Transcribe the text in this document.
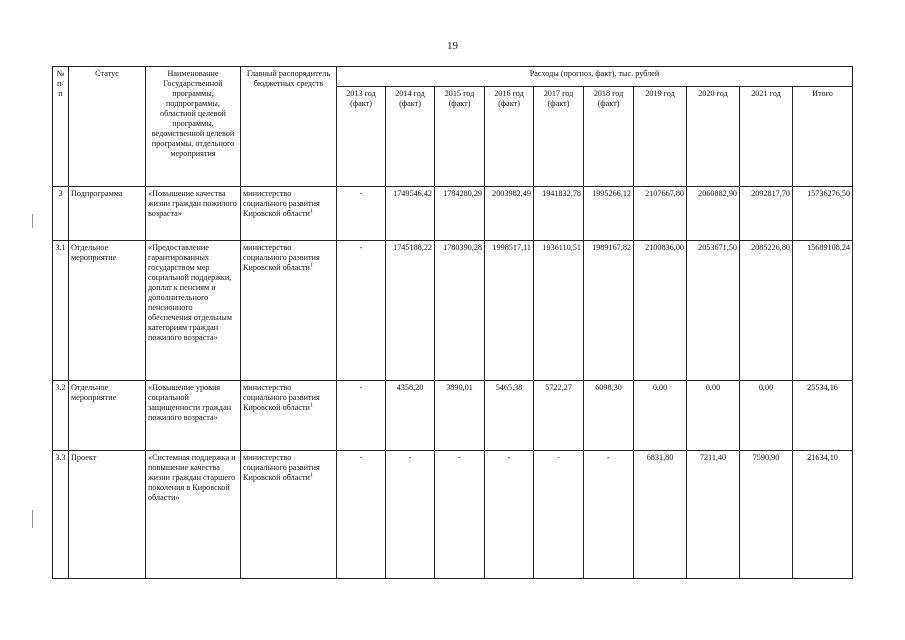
19
№ п/п	Статус	Наименование Государственной программы, подпрограммы, областной целевой программы, ведомственной целевой программы, отдельного мероприятия	Главный распорядитель бюджетных средств	Расходы (прогноз, факт), тыс. рублей									
				2013 год (факт)	2014 год (факт)	2015 год (факт)	2016 год (факт)	2017 год (факт)	2018 год (факт)	2019 год	2020 год	2021 год	Итого
3	Подпрограмма	«Повышение качества жизни граждан пожилого возраста»	министерство социального развития Кировской области$^1$	-	1749546,42	1784280,29	2003982,49	1941832,78	1995266,12	2107667,80	2060882,90	2092817,70	15736276,50
3.1	Отдельное мероприятие	«Предоставление гарантированных государством мер социальной поддержки, доплат к пенсиям и дополнительного пенсионного обеспечения отдельным категориям граждан пожилого возраста»	министерство социального развития Кировской области$^1$	-	1745188,22	1780390,28	1998517,11	1936110,51	1989167,82	2100836,00	2053671,50	2085226,80	15689108,24
3.2	Отдельное мероприятие	«Повышение уровня социальной защищенности граждан пожилого возраста»	министерство социального развития Кировской области$^1$	-	4358,20	3890,01	5465,38	5722,27	6098,30	0,00	0,00	0,00	25534,16
3.3	Проект	«Системная поддержка и повышение качества жизни граждан старшего поколения в Кировской области»	министерство социального развития Кировской области$^1$	-	-	-	-	-	-	6831,80	7211,40	7590,90	21634,10
